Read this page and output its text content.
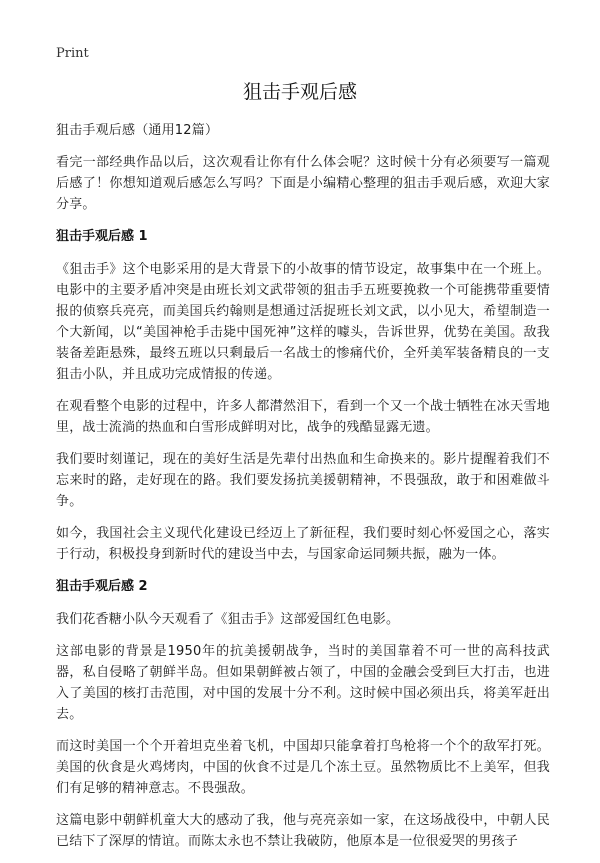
Print
狙击手观后感

狙击手观后感（通用12篇）

看完一部经典作品以后，这次观看让你有什么体会呢？这时候十分有必须要写一篇观后感了！你想知道观后感怎么写吗？下面是小编精心整理的狙击手观后感，欢迎大家分享。

狙击手观后感 1

《狙击手》这个电影采用的是大背景下的小故事的情节设定，故事集中在一个班上。电影中的主要矛盾冲突是由班长刘文武带领的狙击手五班要挽救一个可能携带重要情报的侦察兵亮亮，而美国兵约翰则是想通过活捉班长刘文武，以小见大，希望制造一个大新闻，以“美国神枪手击毙中国死神”这样的噱头，告诉世界，优势在美国。敌我装备差距悬殊，最终五班以只剩最后一名战士的惨痛代价，全歼美军装备精良的一支狙击小队，并且成功完成情报的传递。

在观看整个电影的过程中，许多人都潸然泪下，看到一个又一个战士牺牲在冰天雪地里，战士流淌的热血和白雪形成鲜明对比，战争的残酷显露无遗。

我们要时刻谨记，现在的美好生活是先辈付出热血和生命换来的。影片提醒着我们不忘来时的路，走好现在的路。我们要发扬抗美援朝精神，不畏强敌，敢于和困难做斗争。

如今，我国社会主义现代化建设已经迈上了新征程，我们要时刻心怀爱国之心，落实于行动，积极投身到新时代的建设当中去，与国家命运同频共振，融为一体。

狙击手观后感 2

我们花香糖小队今天观看了《狙击手》这部爱国红色电影。

这部电影的背景是1950年的抗美援朝战争，当时的美国靠着不可一世的高科技武器，私自侵略了朝鲜半岛。但如果朝鲜被占领了，中国的金融会受到巨大打击，也进入了美国的核打击范围，对中国的发展十分不利。这时候中国必须出兵，将美军赶出去。

而这时美国一个个开着坦克坐着飞机，中国却只能拿着打鸟枪将一个个的敌军打死。美国的伙食是火鸡烤肉，中国的伙食不过是几个冻土豆。虽然物质比不上美军，但我们有足够的精神意志。不畏强敌。

这篇电影中朝鲜机童大大的感动了我，他与亮亮亲如一家，在这场战役中，中朝人民已结下了深厚的情谊。而陈太永也不禁让我破防，他原本是一位很爱哭的男孩子
